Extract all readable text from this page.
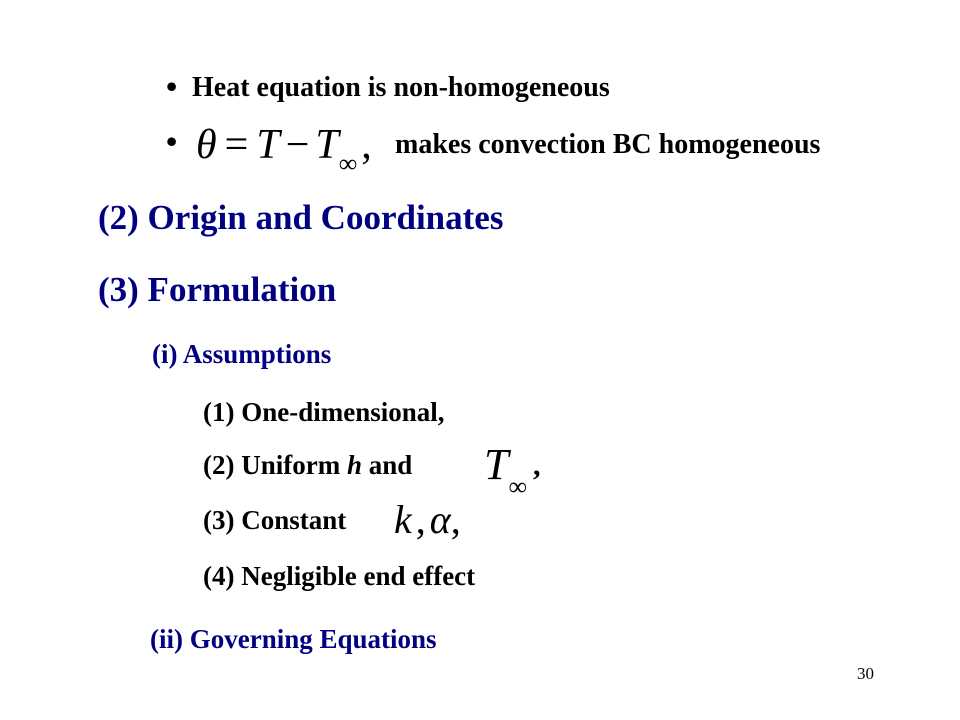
• Heat equation is non-homogeneous
• $\theta = T - T_\infty$, makes convection BC homogeneous
(2) Origin and Coordinates
(3) Formulation
(i) Assumptions
(1) One-dimensional,
(2) Uniform h and $T_\infty$,
(3) Constant k , α,
(4) Negligible end effect
(ii) Governing Equations
30
